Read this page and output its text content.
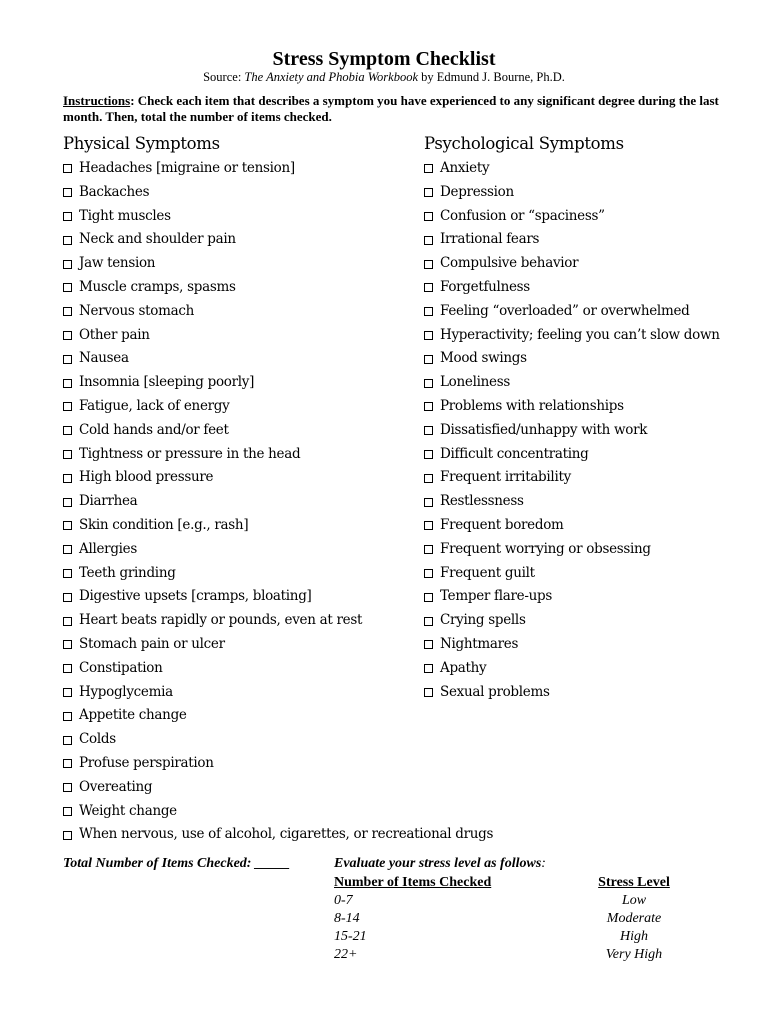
Stress Symptom Checklist
Source: The Anxiety and Phobia Workbook by Edmund J. Bourne, Ph.D.
Instructions: Check each item that describes a symptom you have experienced to any significant degree during the last month. Then, total the number of items checked.
Physical Symptoms	Psychological Symptoms
Headaches [migraine or tension]
Backaches
Tight muscles
Neck and shoulder pain
Jaw tension
Muscle cramps, spasms
Nervous stomach
Other pain
Nausea
Insomnia [sleeping poorly]
Fatigue, lack of energy
Cold hands and/or feet
Tightness or pressure in the head
High blood pressure
Diarrhea
Skin condition [e.g., rash]
Allergies
Teeth grinding
Digestive upsets [cramps, bloating]
Heart beats rapidly or pounds, even at rest
Stomach pain or ulcer
Constipation
Hypoglycemia
Appetite change
Colds
Profuse perspiration
Overeating
Weight change
When nervous, use of alcohol, cigarettes, or recreational drugs
Anxiety
Depression
Confusion or “spaciness”
Irrational fears
Compulsive behavior
Forgetfulness
Feeling “overloaded” or overwhelmed
Hyperactivity; feeling you can’t slow down
Mood swings
Loneliness
Problems with relationships
Dissatisfied/unhappy with work
Difficult concentrating
Frequent irritability
Restlessness
Frequent boredom
Frequent worrying or obsessing
Frequent guilt
Temper flare-ups
Crying spells
Nightmares
Apathy
Sexual problems
Total Number of Items Checked: _____	Evaluate your stress level as follows:
Number of Items Checked	Stress Level
0-7	Low
8-14	Moderate
15-21	High
22+	Very High
